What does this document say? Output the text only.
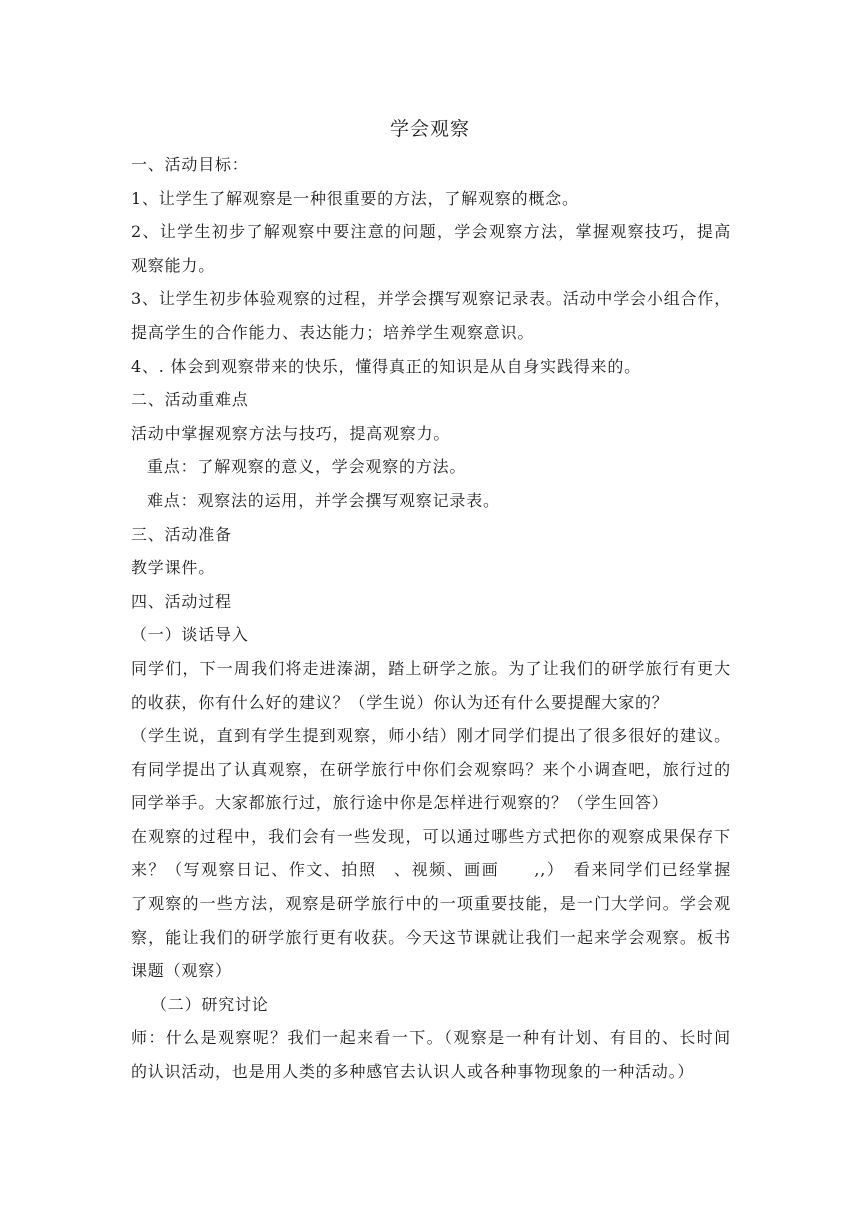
学会观察

一、活动目标：

1、让学生了解观察是一种很重要的方法，了解观察的概念。

2、让学生初步了解观察中要注意的问题，学会观察方法，掌握观察技巧，提高

观察能力。

3、让学生初步体验观察的过程，并学会撰写观察记录表。活动中学会小组合作，

提高学生的合作能力、表达能力；培养学生观察意识。

4、. 体会到观察带来的快乐，懂得真正的知识是从自身实践得来的。

二、活动重难点

活动中掌握观察方法与技巧，提高观察力。

重点：了解观察的意义，学会观察的方法。

难点：观察法的运用，并学会撰写观察记录表。

三、活动准备

教学课件。

四、活动过程

（一）谈话导入

同学们，下一周我们将走进溱湖，踏上研学之旅。为了让我们的研学旅行有更大

的收获，你有什么好的建议？（学生说）你认为还有什么要提醒大家的？

（学生说，直到有学生提到观察，师小结）刚才同学们提出了很多很好的建议。

有同学提出了认真观察，在研学旅行中你们会观察吗？来个小调查吧，旅行过的

同学举手。大家都旅行过，旅行途中你是怎样进行观察的？（学生回答）

在观察的过程中，我们会有一些发现，可以通过哪些方式把你的观察成果保存下

来？（写观察日记、作文、拍照　、视频、画画　　,,）　看来同学们已经掌握

了观察的一些方法，观察是研学旅行中的一项重要技能，是一门大学问。学会观

察，能让我们的研学旅行更有收获。今天这节课就让我们一起来学会观察。板书

课题（观察）

（二）研究讨论

师：什么是观察呢？我们一起来看一下。（观察是一种有计划、有目的、长时间

的认识活动，也是用人类的多种感官去认识人或各种事物现象的一种活动。）
